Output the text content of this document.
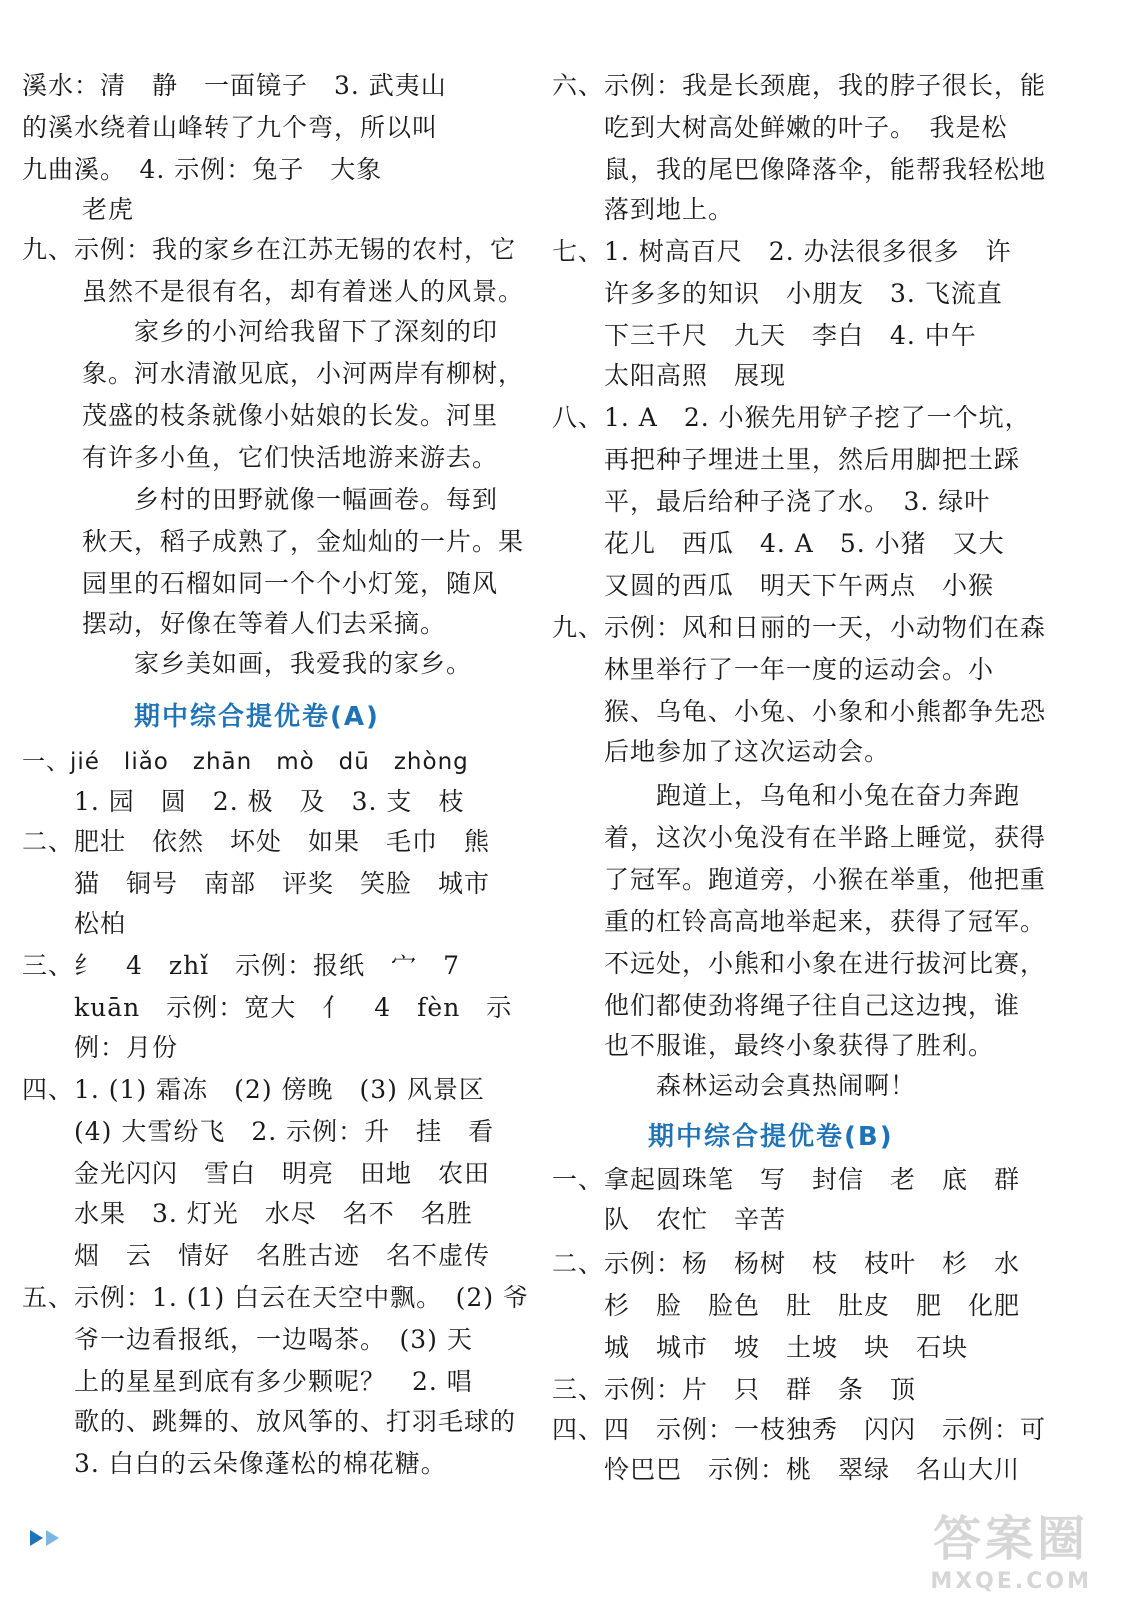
溪水：清　静　一面镜子　3. 武夷山
的溪水绕着山峰转了九个弯，所以叫
九曲溪。　4. 示例：兔子　大象
老虎
九、示例：我的家乡在江苏无锡的农村，它
虽然不是很有名，却有着迷人的风景。
　　家乡的小河给我留下了深刻的印
象。河水清澈见底，小河两岸有柳树，
茂盛的枝条就像小姑娘的长发。河里
有许多小鱼，它们快活地游来游去。
　　乡村的田野就像一幅画卷。每到
秋天，稻子成熟了，金灿灿的一片。果
园里的石榴如同一个个小灯笼，随风
摆动，好像在等着人们去采摘。
　　家乡美如画，我爱我的家乡。
期中综合提优卷(A)
一、jié　liǎo　zhān　mò　dū　zhòng
　　1. 园　圆　2. 极　及　3. 支　枝
二、肥壮　依然　坏处　如果　毛巾　熊
　　猫　铜号　南部　评奖　笑脸　城市
　　松柏
三、纟　4　zhǐ　示例：报纸　宀　7
　　kuān　示例：宽大　亻　4　fèn　示
　　例：月份
四、1. (1) 霜冻　(2) 傍晚　(3) 风景区
　　(4) 大雪纷飞　2. 示例：升　挂　看
　　金光闪闪　雪白　明亮　田地　农田
　　水果　3. 灯光　水尽　名不　名胜
　　烟　云　情好　名胜古迹　名不虚传
五、示例：1. (1) 白云在天空中飘。　(2) 爷
　　爷一边看报纸，一边喝茶。　(3) 天
　　上的星星到底有多少颗呢？　2. 唱
　　歌的、跳舞的、放风筝的、打羽毛球的
　　3. 白白的云朵像蓬松的棉花糖。
六、示例：我是长颈鹿，我的脖子很长，能
　　吃到大树高处鲜嫩的叶子。　我是松
　　鼠，我的尾巴像降落伞，能帮我轻松地
　　落到地上。
七、1. 树高百尺　2. 办法很多很多　许
　　许多多的知识　小朋友　3. 飞流直
　　下三千尺　九天　李白　4. 中午
　　太阳高照　展现
八、1. A　2. 小猴先用铲子挖了一个坑，
　　再把种子埋进土里，然后用脚把土踩
　　平，最后给种子浇了水。　3. 绿叶
　　花儿　西瓜　4. A　5. 小猪　又大
　　又圆的西瓜　明天下午两点　小猴
九、示例：风和日丽的一天，小动物们在森
　　林里举行了一年一度的运动会。小
　　猴、乌龟、小兔、小象和小熊都争先恐
　　后地参加了这次运动会。
　　　　跑道上，乌龟和小兔在奋力奔跑
　　着，这次小兔没有在半路上睡觉，获得
　　了冠军。跑道旁，小猴在举重，他把重
　　重的杠铃高高地举起来，获得了冠军。
　　不远处，小熊和小象在进行拔河比赛，
　　他们都使劲将绳子往自己这边拽，谁
　　也不服谁，最终小象获得了胜利。
　　　　森林运动会真热闹啊！
期中综合提优卷(B)
一、拿起圆珠笔　写　封信　老　底　群
　　队　农忙　辛苦
二、示例：杨　杨树　枝　枝叶　杉　水
　　杉　脸　脸色　肚　肚皮　肥　化肥
　　城　城市　坡　土坡　块　石块
三、示例：片　只　群　条　顶
四、四　示例：一枝独秀　闪闪　示例：可
　　怜巴巴　示例：桃　翠绿　名山大川
答案圈
MXQE.COM
